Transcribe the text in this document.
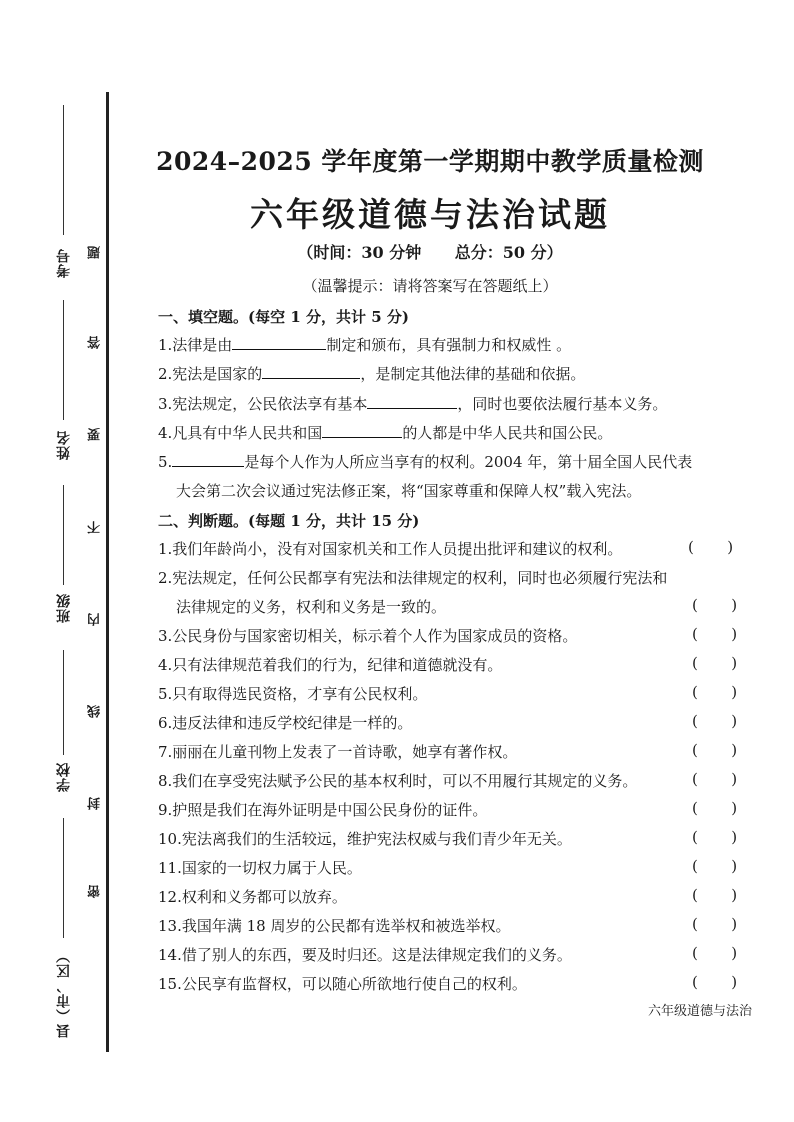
考号
姓名
班级
学校
县（市、区）
题
答
要
不
内
线
封
密
2024–2025 学年度第一学期期中教学质量检测
六年级道德与法治试题
（时间：30 分钟 总分：50 分）
（温馨提示：请将答案写在答题纸上）
一、填空题。(每空 1 分，共计 5 分)
1.法律是由	制定和颁布，具有强制力和权威性 。
2.宪法是国家的	，是制定其他法律的基础和依据。
3.宪法规定，公民依法享有基本	，同时也要依法履行基本义务。
4.凡具有中华人民共和国	的人都是中华人民共和国公民。
5.	是每个人作为人所应当享有的权利。2004 年，第十届全国人民代表
大会第二次会议通过宪法修正案，将“国家尊重和保障人权”载入宪法。
二、判断题。(每题 1 分，共计 15 分)
1.我们年龄尚小，没有对国家机关和工作人员提出批评和建议的权利。	(       )
2.宪法规定，任何公民都享有宪法和法律规定的权利，同时也必须履行宪法和
法律规定的义务，权利和义务是一致的。	(       )
3.公民身份与国家密切相关，标示着个人作为国家成员的资格。	(       )
4.只有法律规范着我们的行为，纪律和道德就没有。	(       )
5.只有取得选民资格，才享有公民权利。	(       )
6.违反法律和违反学校纪律是一样的。	(       )
7.丽丽在儿童刊物上发表了一首诗歌，她享有著作权。	(       )
8.我们在享受宪法赋予公民的基本权利时，可以不用履行其规定的义务。	(       )
9.护照是我们在海外证明是中国公民身份的证件。	(       )
10.宪法离我们的生活较远，维护宪法权威与我们青少年无关。	(       )
11.国家的一切权力属于人民。	(       )
12.权利和义务都可以放弃。	(       )
13.我国年满 18 周岁的公民都有选举权和被选举权。	(       )
14.借了别人的东西，要及时归还。这是法律规定我们的义务。	(       )
15.公民享有监督权，可以随心所欲地行使自己的权利。	(       )
六年级道德与法治
